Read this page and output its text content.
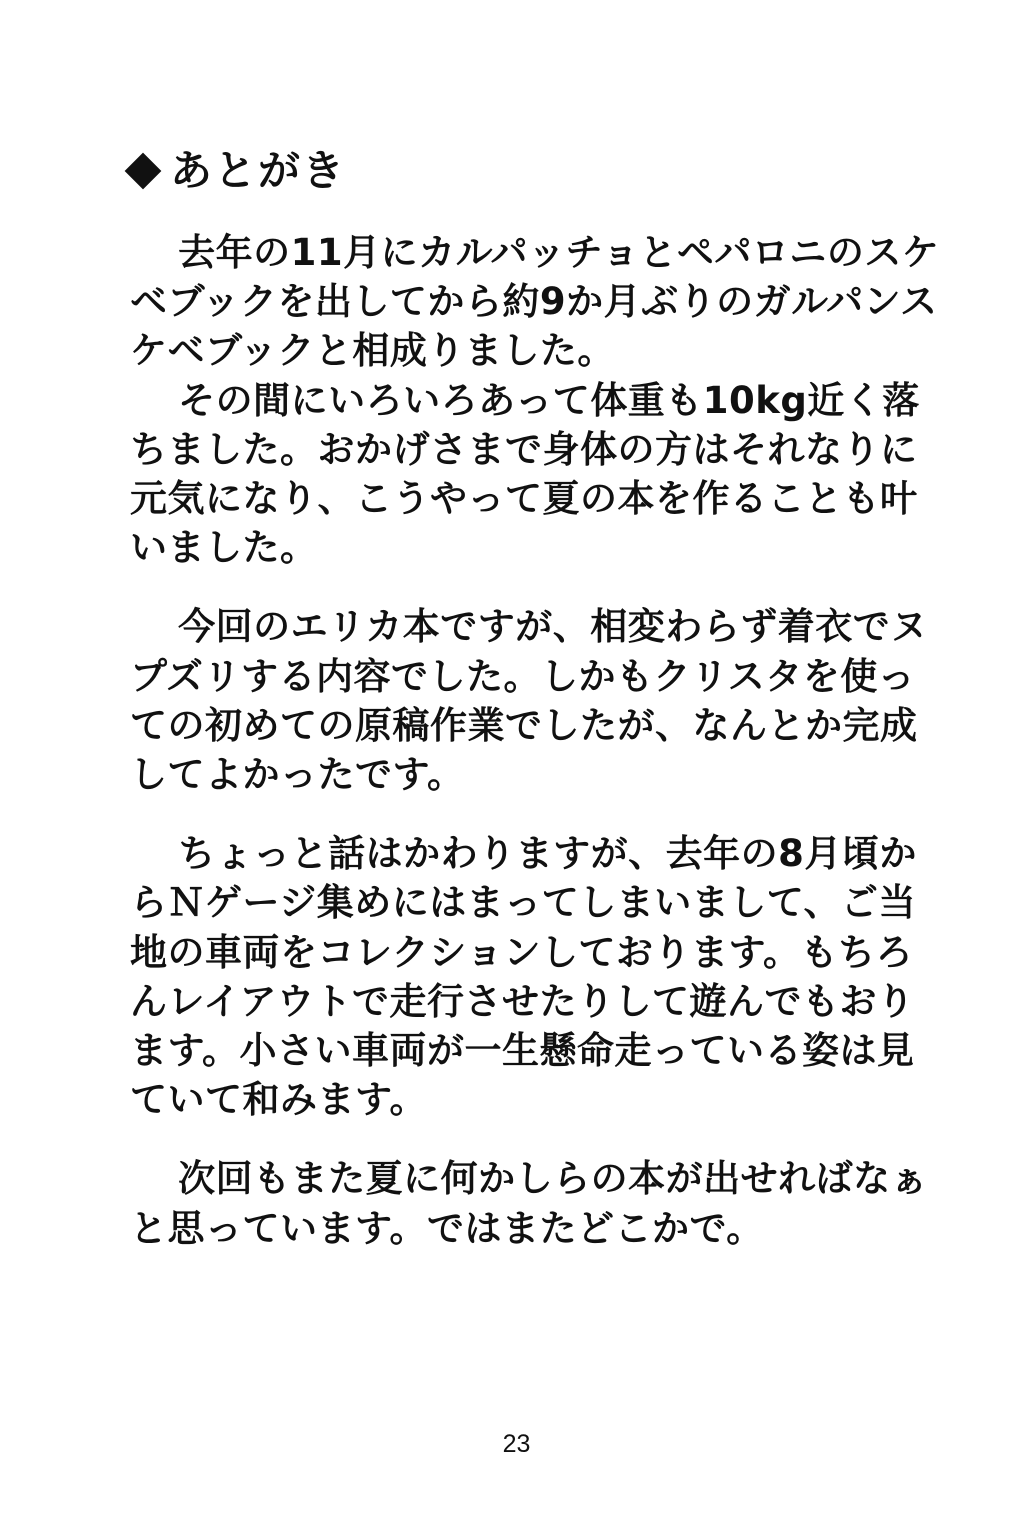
あとがき

去年の11月にカルパッチョとペパロニのスケベブックを出してから約9か月ぶりのガルパンスケベブックと相成りました。

その間にいろいろあって体重も10kg近く落ちました。おかげさまで身体の方はそれなりに元気になり、こうやって夏の本を作ることも叶いました。

今回のエリカ本ですが、相変わらず着衣でヌプズリする内容でした。しかもクリスタを使っての初めての原稿作業でしたが、なんとか完成してよかったです。

ちょっと話はかわりますが、去年の8月頃からＮゲージ集めにはまってしまいまして、ご当地の車両をコレクションしております。もちろんレイアウトで走行させたりして遊んでもおります。小さい車両が一生懸命走っている姿は見ていて和みます。

次回もまた夏に何かしらの本が出せればなぁと思っています。ではまたどこかで。

23
